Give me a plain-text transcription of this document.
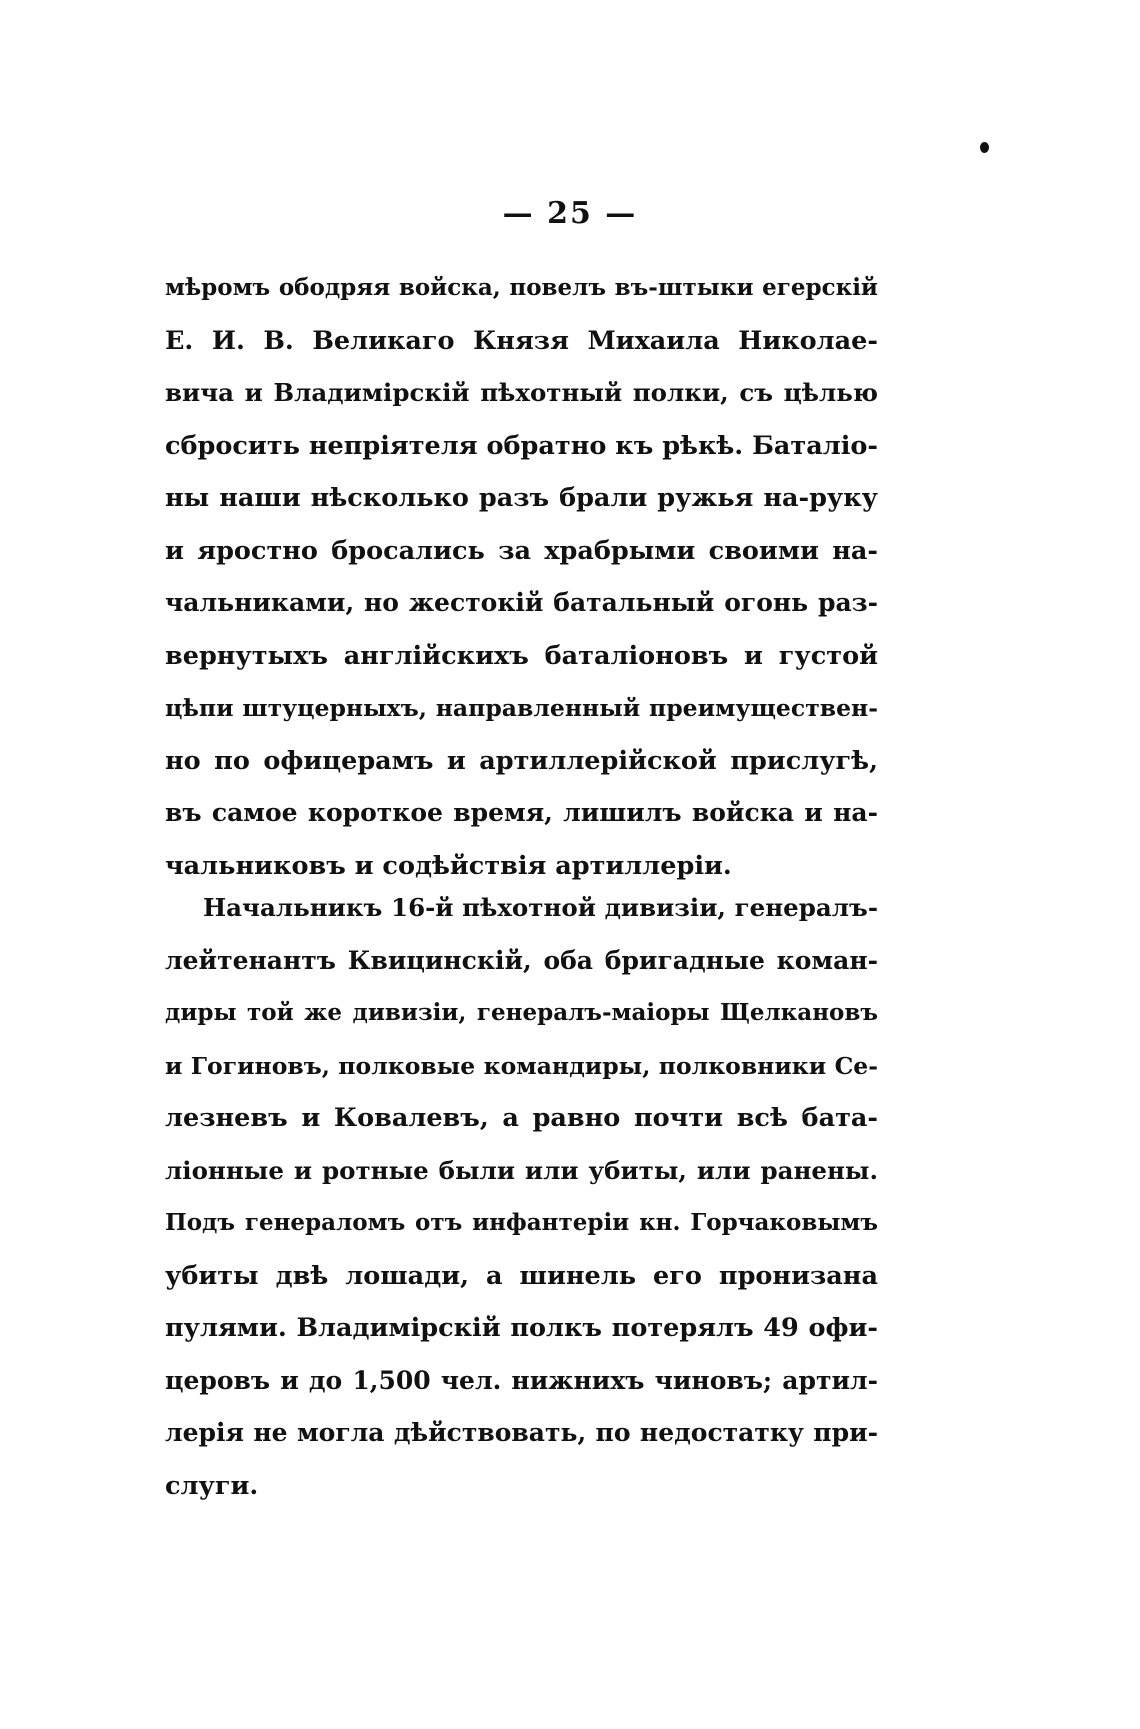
— 25 —
мѣромъ ободряя войска, повелъ въ-штыки егерскій
Е. И. В. Великаго Князя Михаила Николае-
вича и Владимірскій пѣхотный полки, съ цѣлью
сбросить непріятеля обратно къ рѣкѣ. Баталіо-
ны наши нѣсколько разъ брали ружья на-руку
и яростно бросались за храбрыми своими на-
чальниками, но жестокій батальный огонь раз-
вернутыхъ англійскихъ баталіоновъ и густой
цѣпи штуцерныхъ, направленный преимуществен-
но по офицерамъ и артиллерійской прислугѣ,
въ самое короткое время, лишилъ войска и на-
чальниковъ и содѣйствія артиллеріи.
Начальникъ 16-й пѣхотной дивизіи, генералъ-
лейтенантъ Квицинскій, оба бригадные коман-
диры той же дивизіи, генералъ-маіоры Щелкановъ
и Гогиновъ, полковые командиры, полковники Се-
лезневъ и Ковалевъ, а равно почти всѣ бата-
ліонные и ротные были или убиты, или ранены.
Подъ генераломъ отъ инфантеріи кн. Горчаковымъ
убиты двѣ лошади, а шинель его пронизана
пулями. Владимірскій полкъ потерялъ 49 офи-
церовъ и до 1,500 чел. нижнихъ чиновъ; артил-
лерія не могла дѣйствовать, по недостатку при-
слуги.
